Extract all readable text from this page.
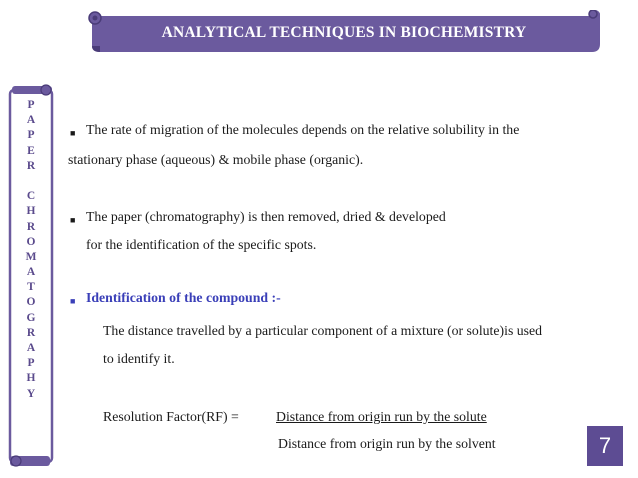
ANALYTICAL TECHNIQUES IN BIOCHEMISTRY
P
A
P
E
R
C
H
R
O
M
A
T
O
G
R
A
P
H
Y
■ The rate of migration of the molecules depends on the relative solubility in the
stationary phase (aqueous) & mobile phase (organic).
■ The paper (chromatography) is then removed, dried & developed
for the identification of the specific spots.
■ Identification of the compound :-
The distance travelled by a particular component of a mixture (or solute)is used
to identify it.
Resolution Factor(RF) =	Distance from origin run by the solute
Distance from origin run by the solvent	7
